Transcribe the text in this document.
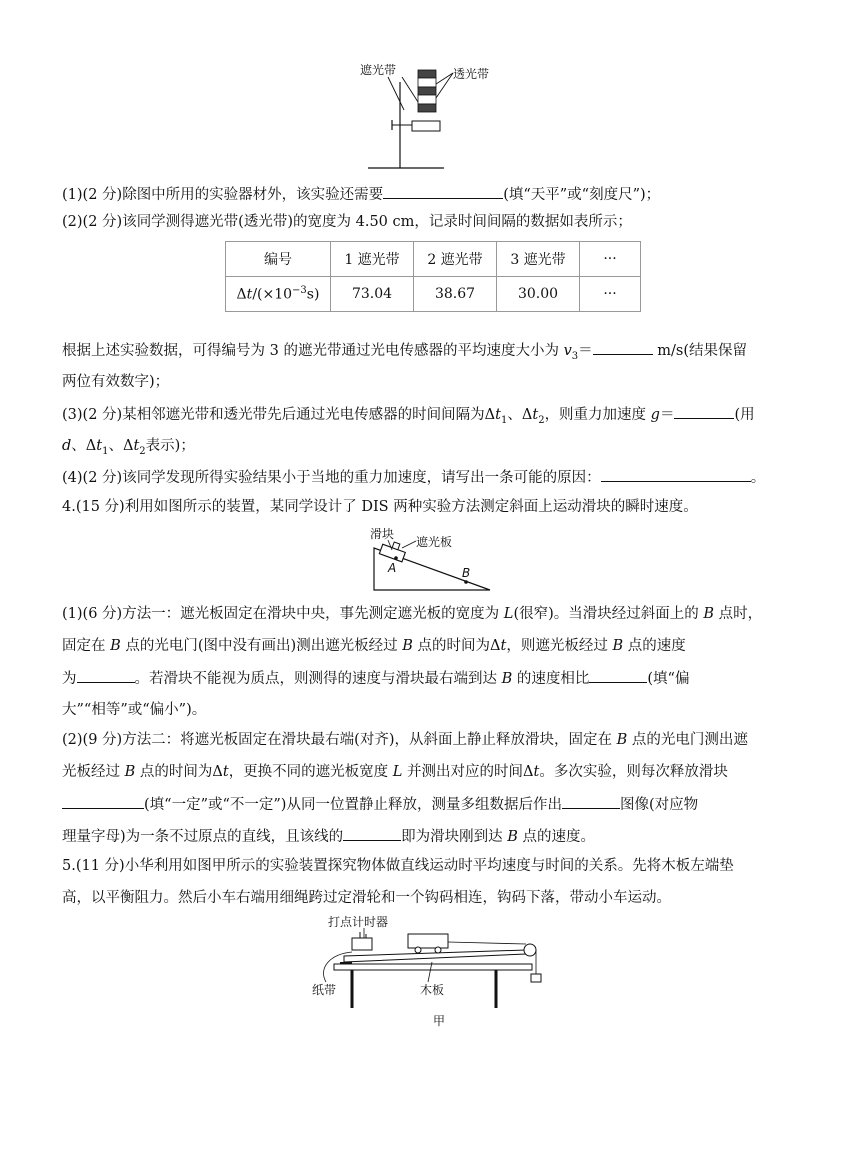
遮光带	透光带
(1)(2 分)除图中所用的实验器材外，该实验还需要	(填“天平”或“刻度尺”)；
(2)(2 分)该同学测得遮光带(透光带)的宽度为 4.50 cm，记录时间间隔的数据如表所示；
编号	1 遮光带	2 遮光带	3 遮光带	···
$\Delta t/(\times 10^{-3}s)$	73.04	38.67	30.00	···
根据上述实验数据，可得编号为 3 的遮光带通过光电传感器的平均速度大小为 $v_3=$	m/s(结果保留
两位有效数字)；
(3)(2 分)某相邻遮光带和透光带先后通过光电传感器的时间间隔为$\Delta t_1$、$\Delta t_2$，则重力加速度 g＝	(用
d、$\Delta t_1$、$\Delta t_2$表示)；
(4)(2 分)该同学发现所得实验结果小于当地的重力加速度，请写出一条可能的原因：	。
4.(15 分)利用如图所示的装置，某同学设计了 DIS 两种实验方法测定斜面上运动滑块的瞬时速度。
滑块
遮光板
A	B
(1)(6 分)方法一：遮光板固定在滑块中央，事先测定遮光板的宽度为 L(很窄)。当滑块经过斜面上的 B 点时，
固定在 B 点的光电门(图中没有画出)测出遮光板经过 B 点的时间为Δt，则遮光板经过 B 点的速度
为	。若滑块不能视为质点，则测得的速度与滑块最右端到达 B 的速度相比	(填“偏
大”“相等”或“偏小”)。
(2)(9 分)方法二：将遮光板固定在滑块最右端(对齐)，从斜面上静止释放滑块，固定在 B 点的光电门测出遮
光板经过 B 点的时间为Δt，更换不同的遮光板宽度 L 并测出对应的时间Δt。多次实验，则每次释放滑块
(填“一定”或“不一定”)从同一位置静止释放，测量多组数据后作出	图像(对应物
理量字母)为一条不过原点的直线，且该线的	即为滑块刚到达 B 点的速度。
5.(11 分)小华利用如图甲所示的实验装置探究物体做直线运动时平均速度与时间的关系。先将木板左端垫
高，以平衡阻力。然后小车右端用细绳跨过定滑轮和一个钩码相连，钩码下落，带动小车运动。
打点计时器
纸带	木板
甲
